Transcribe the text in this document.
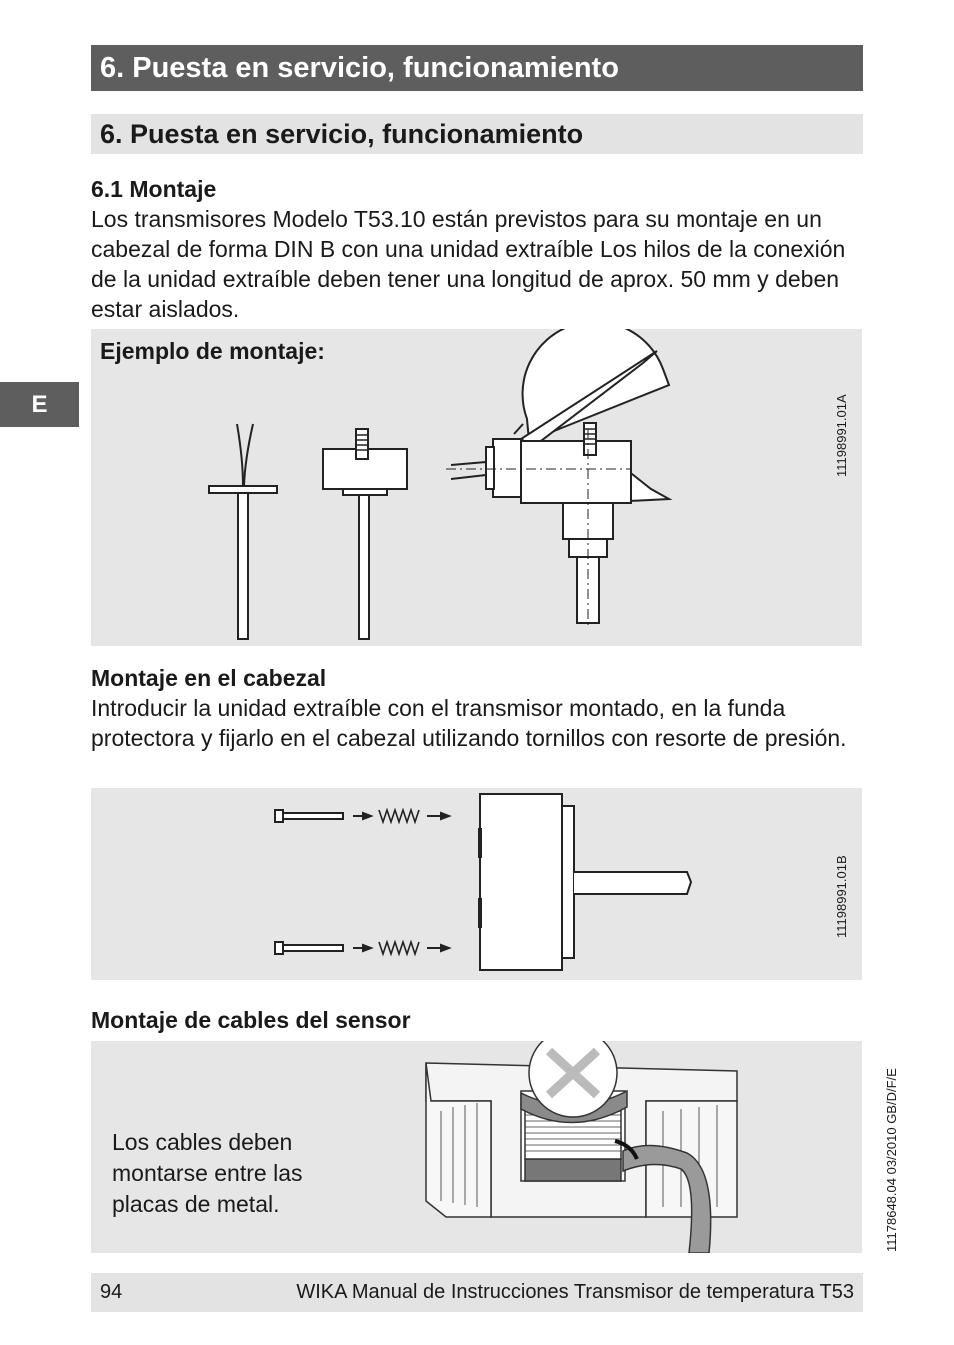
6. Puesta en servicio, funcionamiento
6. Puesta en servicio, funcionamiento
E
6.1 Montaje
Los transmisores Modelo T53.10 están previstos para su montaje en un cabezal de forma DIN B con una unidad extraíble Los hilos de la conexión de la unidad extraíble deben tener una longitud de aprox. 50 mm y deben estar aislados.
Ejemplo de montaje:
11198991.01A
Montaje en el cabezal
Introducir la unidad extraíble con el transmisor montado, en la funda protectora y fijarlo en el cabezal utilizando tornillos con resorte de presión.
11198991.01B
Montaje de cables del sensor
Los cables deben montarse entre las placas de metal.	11178648.04 03/2010 GB/D/F/E
94	WIKA Manual de Instrucciones Transmisor de temperatura T53
